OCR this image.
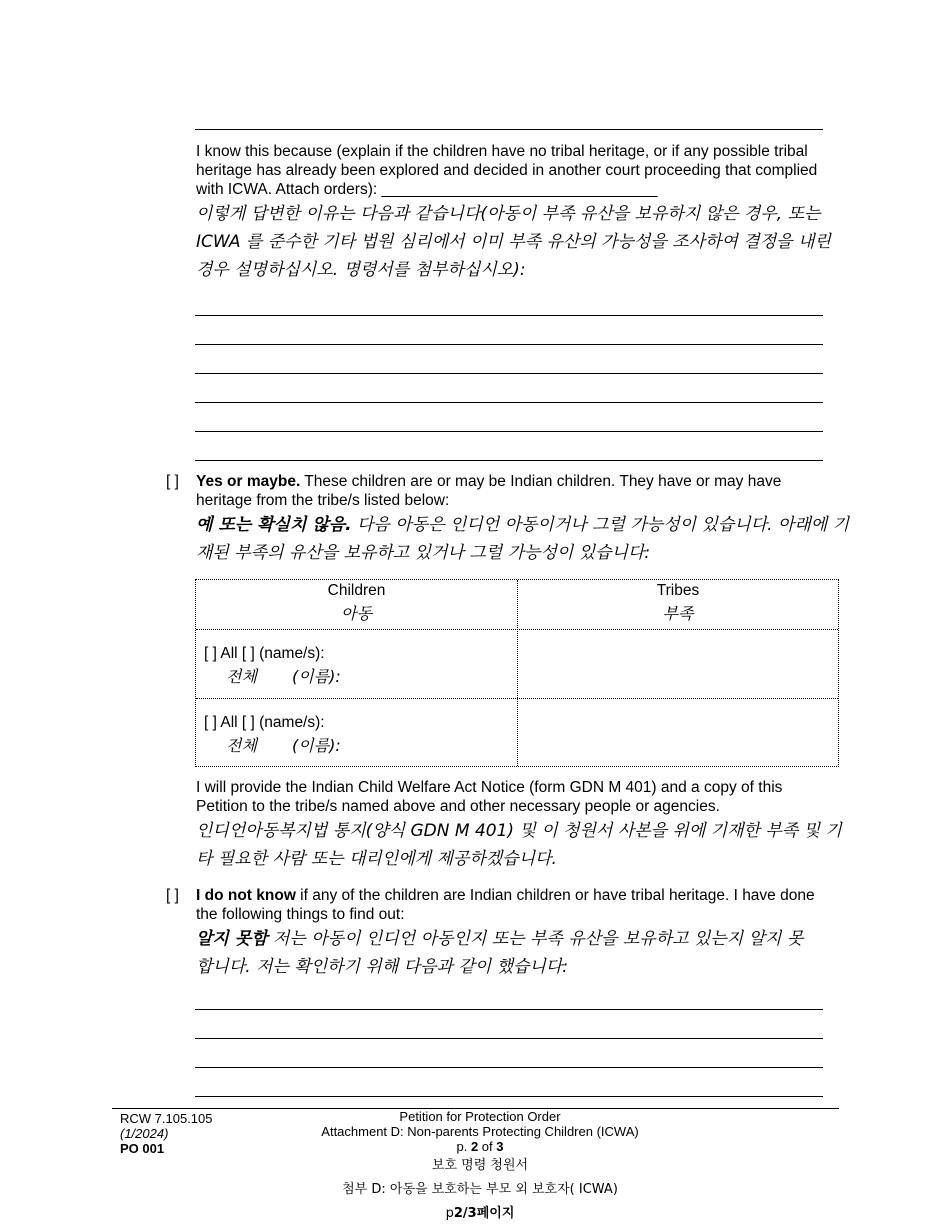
I know this because (explain if the children have no tribal heritage, or if any possible tribal heritage has already been explored and decided in another court proceeding that complied with ICWA. Attach orders): ________________________________
이렇게 답변한 이유는 다음과 같습니다(아동이 부족 유산을 보유하지 않은 경우, 또는 ICWA 를 준수한 기타 법원 심리에서 이미 부족 유산의 가능성을 조사하여 결정을 내린 경우 설명하십시오. 명령서를 첨부하십시오):
[ ] Yes or maybe. These children are or may be Indian children. They have or may have heritage from the tribe/s listed below:
예 또는 확실치 않음. 다음 아동은 인디언 아동이거나 그럴 가능성이 있습니다. 아래에 기재된 부족의 유산을 보유하고 있거나 그럴 가능성이 있습니다:
Children
아동
Tribes
부족
[ ] All [ ] (name/s):
전체 (이름):
[ ] All [ ] (name/s):
전체 (이름):
I will provide the Indian Child Welfare Act Notice (form GDN M 401) and a copy of this Petition to the tribe/s named above and other necessary people or agencies.
인디언아동복지법 통지(양식 GDN M 401) 및 이 청원서 사본을 위에 기재한 부족 및 기타 필요한 사람 또는 대리인에게 제공하겠습니다.
[ ] I do not know if any of the children are Indian children or have tribal heritage. I have done the following things to find out:
알지 못함 저는 아동이 인디언 아동인지 또는 부족 유산을 보유하고 있는지 알지 못합니다. 저는 확인하기 위해 다음과 같이 했습니다:
RCW 7.105.105
(1/2024)
PO 001
Petition for Protection Order
Attachment D: Non-parents Protecting Children (ICWA)
p. 2 of 3
보호 명령 청원서
첨부 D: 아동을 보호하는 부모 외 보호자( ICWA)
p2/3페이지
